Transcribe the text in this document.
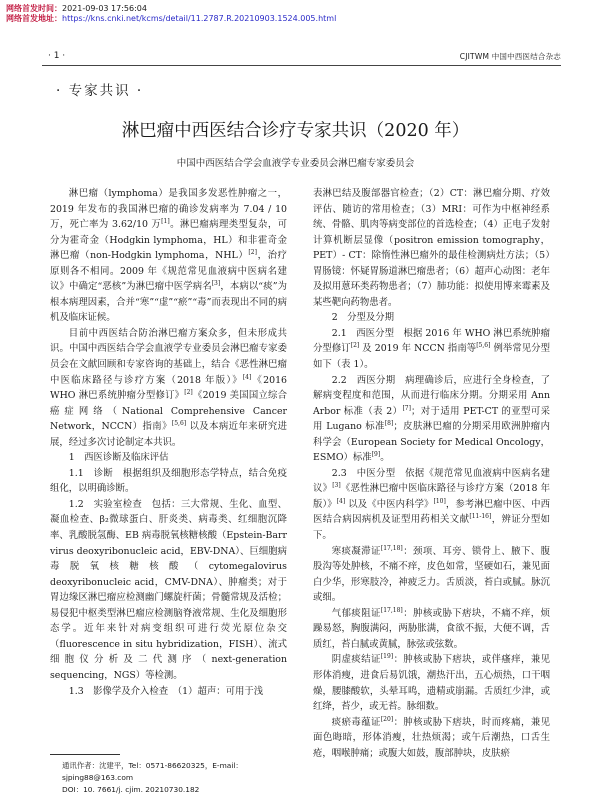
网络首发时间：2021-09-03 17:56:04
网络首发地址：https://kns.cnki.net/kcms/detail/11.2787.R.20210903.1524.005.html
· 1 ·	CJITWM 中国中西医结合杂志
· 专家共识 ·
淋巴瘤中西医结合诊疗专家共识（2020 年）
中国中西医结合学会血液学专业委员会淋巴瘤专家委员会

淋巴瘤（lymphoma）是我国多发恶性肿瘤之一，2019 年发布的我国淋巴瘤的确诊发病率为 7.04 / 10 万，死亡率为 3.62/10 万[1]。淋巴瘤病理类型复杂，可分为霍奇金（Hodgkin lymphoma，HL）和非霍奇金淋巴瘤（non-Hodgkin lymphoma，NHL）[2]，治疗原则各不相同。2009 年《规范常见血液病中医病名建议》中确定“恶核”为淋巴瘤中医学病名[3]，本病以“痰”为根本病理因素，合并“寒”“虚”“瘀”“毒”而表现出不同的病机及临床证候。

目前中西医结合防治淋巴瘤方案众多，但未形成共识。中国中西医结合学会血液学专业委员会淋巴瘤专家委员会在文献回顾和专家咨询的基础上，结合《恶性淋巴瘤中医临床路径与诊疗方案（2018 年版）》[4]《2016 WHO 淋巴系统肿瘤分型修订》[2]《2019 美国国立综合癌症网络（National Comprehensive Cancer Network，NCCN）指南》[5,6] 以及本病近年来研究进展，经过多次讨论制定本共识。

1　西医诊断及临床评估

1.1　诊断　根据组织及细胞形态学特点，结合免疫组化，以明确诊断。

1.2　实验室检查　包括：三大常规、生化、血型、凝血检查、β₂微球蛋白、肝炎类、病毒类、红细胞沉降率、乳酸脱氢酶、EB 病毒脱氧核糖核酸（Epstein-Barr virus deoxyribonucleic acid，EBV-DNA）、巨细胞病毒脱氧核糖核酸（cytomegalovirus deoxyribonucleic acid，CMV-DNA）、肿瘤类；对于胃边缘区淋巴瘤应检测幽门螺旋杆菌；骨髓常规及活检；易侵犯中枢类型淋巴瘤应检测脑脊液常规、生化及细胞形态学。近年来针对病变组织可进行荧光原位杂交（fluorescence in situ hybridization，FISH）、流式细胞仪分析及二代测序（next-generation sequencing，NGS）等检测。

1.3　影像学及介入检查　（1）超声：可用于浅

表淋巴结及腹部器官检查；（2）CT：淋巴瘤分期、疗效评估、随访的常用检查；（3）MRI：可作为中枢神经系统、骨骼、肌肉等病变部位的首选检查；（4）正电子发射计算机断层显像（positron emission tomography，PET）- CT：除惰性淋巴瘤外的最佳检测病灶方法；（5）胃肠镜：怀疑胃肠道淋巴瘤患者；（6）超声心动图：老年及拟用蒽环类药物患者；（7）肺功能：拟使用博来霉素及某些靶向药物患者。

2　分型及分期

2.1　西医分型　根据 2016 年 WHO 淋巴系统肿瘤分型修订[2] 及 2019 年 NCCN 指南等[5,6] 例举常见分型如下（表 1）。

2.2　西医分期　病理确诊后，应进行全身检查，了解病变程度和范围，从而进行临床分期。分期采用 Ann Arbor 标准（表 2）[7]；对于适用 PET-CT 的亚型可采用 Lugano 标准[8]；皮肤淋巴瘤的分期采用欧洲肿瘤内科学会（European Society for Medical Oncology，ESMO）标准[9]。

2.3　中医分型　依据《规范常见血液病中医病名建议》[3]《恶性淋巴瘤中医临床路径与诊疗方案（2018 年版）》[4] 以及《中医内科学》[10]，参考淋巴瘤中医、中西医结合病因病机及证型用药相关文献[11-16]，辨证分型如下。

寒痰凝滞证[17,18]：颈项、耳旁、锁骨上、腋下、腹股沟等处肿核，不痛不痒，皮色如常，坚硬如石，兼见面白少华，形寒肢冷，神疲乏力。舌质淡，苔白或腻。脉沉或细。

气郁痰阻证[17,18]：肿核或胁下痞块，不痛不痒，烦躁易怒，胸腹满闷，两胁胀满，食欲不振，大便不调，舌质红，苔白腻或黄腻，脉弦或弦数。

阴虚痰结证[19]：肿核或胁下痞块，或伴瘙痒，兼见形体消瘦，进食后易饥饿，潮热汗出，五心烦热，口干咽燥，腰膝酸软，头晕耳鸣，遗精或崩漏。舌质红少津，或红绛，苔少，或无苔。脉细数。

痰瘀毒蕴证[20]：肿核或胁下痞块，时而疼痛，兼见面色晦暗，形体消瘦，壮热烦渴；或午后潮热，口舌生疮，咽喉肿痛；或腹大如鼓，腹部肿块，皮肤瘀

通讯作者：沈建平，Tel：0571-86620325，E-mail：sjping88@163.com
DOI：10. 7661/j. cjim. 20210730.182
